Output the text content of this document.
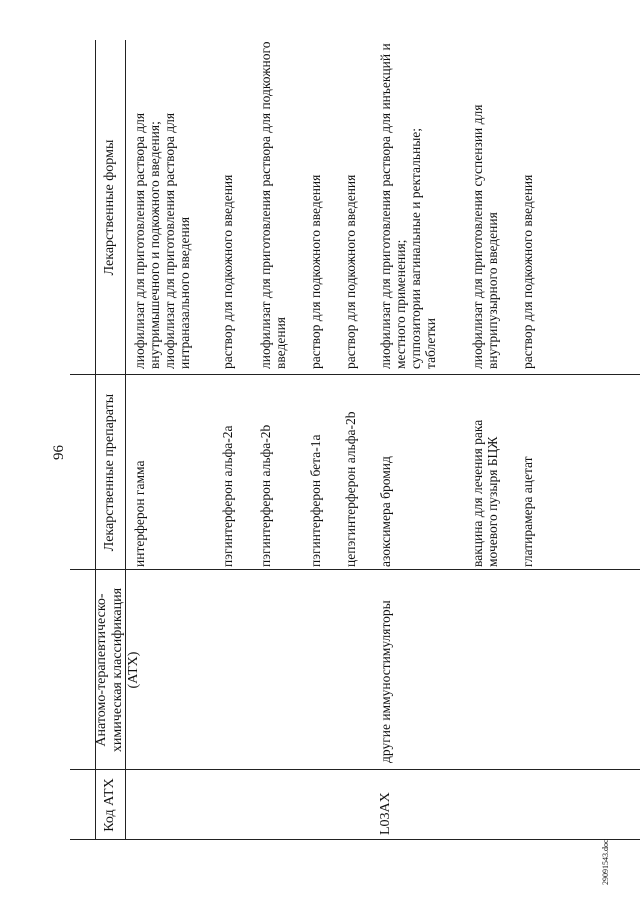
96
Код АТХ
Анатомо-терапевтическо-химическая классификация (АТХ)
Лекарственные препараты
Лекарственные формы
интерферон гамма
лиофилизат для приготовления раствора для внутримышечного и подкожного введения; лиофилизат для приготовления раствора для интраназального введения
пэгинтерферон альфа-2a
раствор для подкожного введения
пэгинтерферон альфа-2b
лиофилизат для приготовления раствора для подкожного введения
пэгинтерферон бета-1a
раствор для подкожного введения
цепэгинтерферон альфа-2b
раствор для подкожного введения
L03AX
другие иммуностимуляторы
азоксимера бромид
лиофилизат для приготовления раствора для инъекций и местного применения; суппозитории вагинальные и ректальные; таблетки
вакцина для лечения рака мочевого пузыря БЦЖ
лиофилизат для приготовления суспензии для внутрипузырного введения
глатирамера ацетат
раствор для подкожного введения
29091543.doc
